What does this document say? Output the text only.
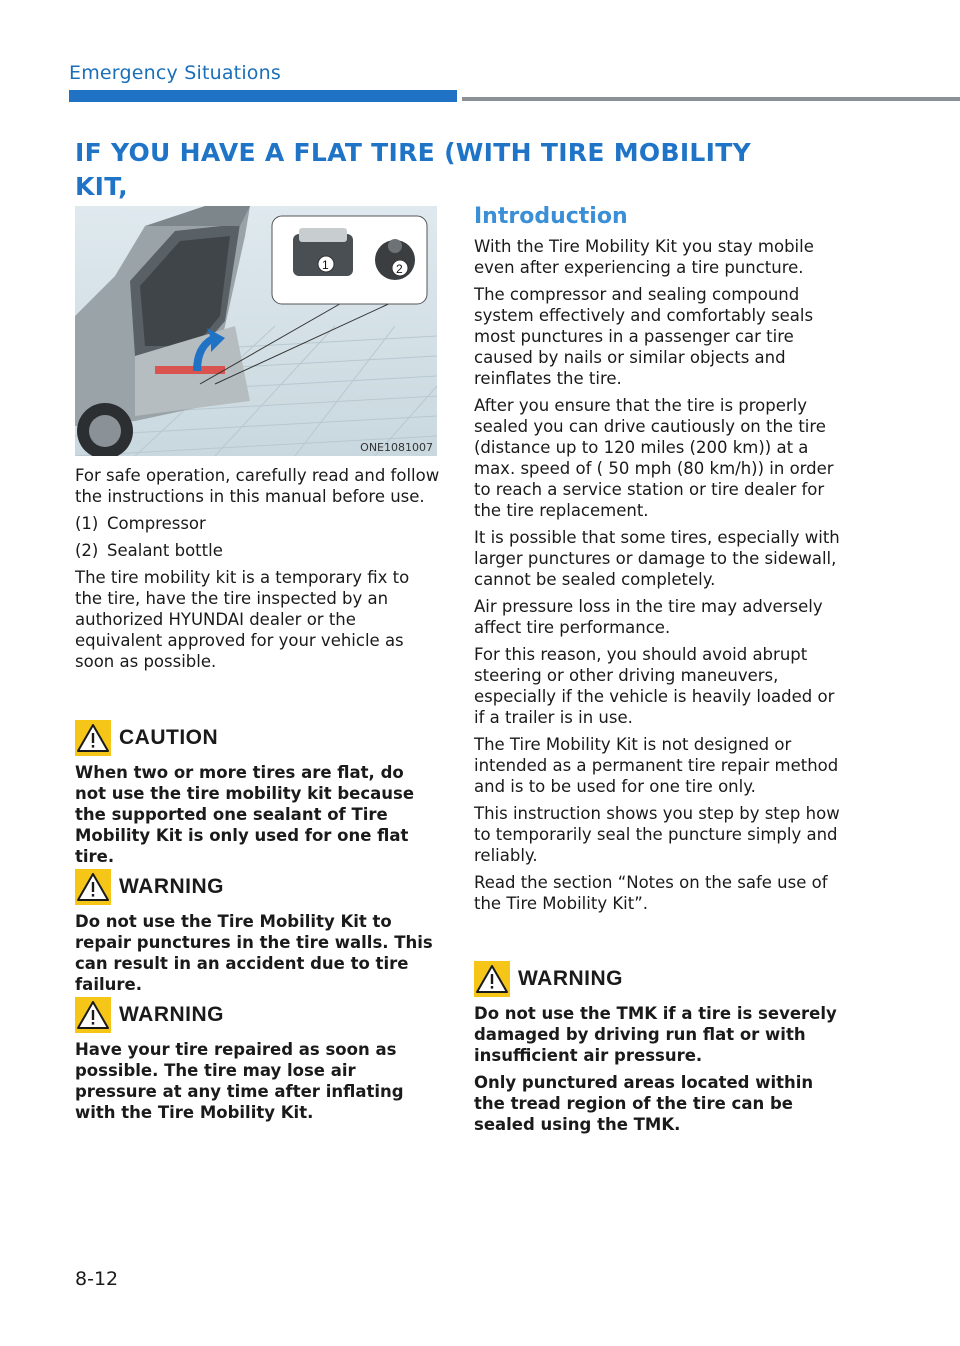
Emergency Situations
IF YOU HAVE A FLAT TIRE (WITH TIRE MOBILITY KIT,
1	2
ONE1081007

For safe operation, carefully read and follow the instructions in this manual before use.

(1) Compressor
(2) Sealant bottle

The tire mobility kit is a temporary fix to the tire, have the tire inspected by an authorized HYUNDAI dealer or the equivalent approved for your vehicle as soon as possible.

CAUTION
When two or more tires are flat, do not use the tire mobility kit because the supported one sealant of Tire Mobility Kit is only used for one flat tire.
WARNING
Do not use the Tire Mobility Kit to repair punctures in the tire walls. This can result in an accident due to tire failure.
WARNING
Have your tire repaired as soon as possible. The tire may lose air pressure at any time after inflating with the Tire Mobility Kit.
Introduction

With the Tire Mobility Kit you stay mobile even after experiencing a tire puncture.

The compressor and sealing compound system effectively and comfortably seals most punctures in a passenger car tire caused by nails or similar objects and reinflates the tire.

After you ensure that the tire is properly sealed you can drive cautiously on the tire (distance up to 120 miles (200 km)) at a max. speed of ( 50 mph (80 km/h)) in order to reach a service station or tire dealer for the tire replacement.

It is possible that some tires, especially with larger punctures or damage to the sidewall, cannot be sealed completely.

Air pressure loss in the tire may adversely affect tire performance.

For this reason, you should avoid abrupt steering or other driving maneuvers, especially if the vehicle is heavily loaded or if a trailer is in use.

The Tire Mobility Kit is not designed or intended as a permanent tire repair method and is to be used for one tire only.

This instruction shows you step by step how to temporarily seal the puncture simply and reliably.

Read the section “Notes on the safe use of the Tire Mobility Kit”.

WARNING

Do not use the TMK if a tire is severely damaged by driving run flat or with insufficient air pressure.

Only punctured areas located within the tread region of the tire can be sealed using the TMK.

8-12
